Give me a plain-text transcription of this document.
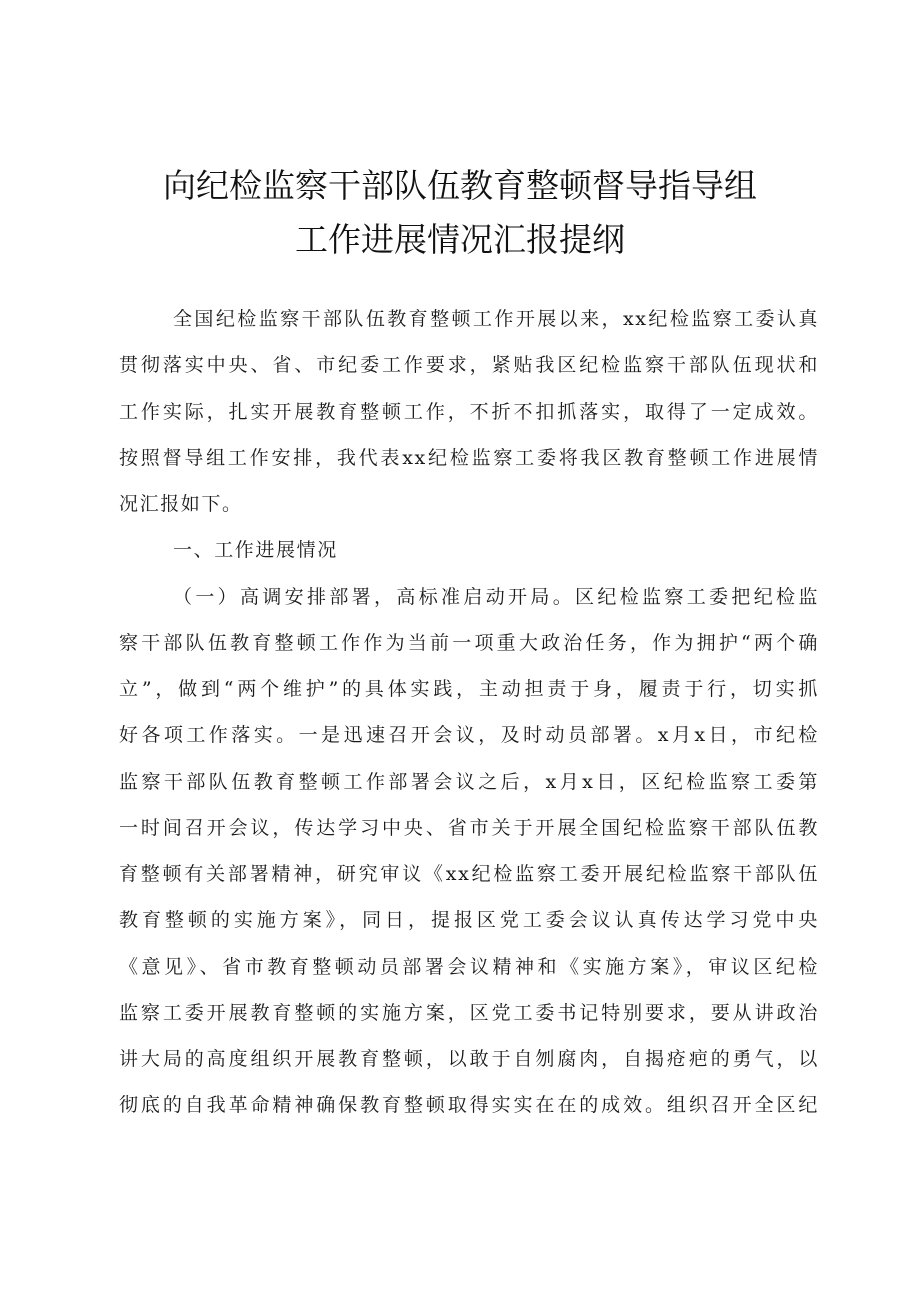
向纪检监察干部队伍教育整顿督导指导组
工作进展情况汇报提纲
全国纪检监察干部队伍教育整顿工作开展以来，xx纪检监察工委认真
贯彻落实中央、省、市纪委工作要求，紧贴我区纪检监察干部队伍现状和
工作实际，扎实开展教育整顿工作，不折不扣抓落实，取得了一定成效。
按照督导组工作安排，我代表xx纪检监察工委将我区教育整顿工作进展情
况汇报如下。
一、工作进展情况
（一）高调安排部署，高标准启动开局。区纪检监察工委把纪检监
察干部队伍教育整顿工作作为当前一项重大政治任务，作为拥护“两个确
立”，做到“两个维护”的具体实践，主动担责于身，履责于行，切实抓
好各项工作落实。一是迅速召开会议，及时动员部署。x月x日，市纪检
监察干部队伍教育整顿工作部署会议之后，x月x日，区纪检监察工委第
一时间召开会议，传达学习中央、省市关于开展全国纪检监察干部队伍教
育整顿有关部署精神，研究审议《xx纪检监察工委开展纪检监察干部队伍
教育整顿的实施方案》，同日，提报区党工委会议认真传达学习党中央
《意见》、省市教育整顿动员部署会议精神和《实施方案》，审议区纪检
监察工委开展教育整顿的实施方案，区党工委书记特别要求，要从讲政治
讲大局的高度组织开展教育整顿，以敢于自刎腐肉，自揭疮疤的勇气，以
彻底的自我革命精神确保教育整顿取得实实在在的成效。组织召开全区纪
